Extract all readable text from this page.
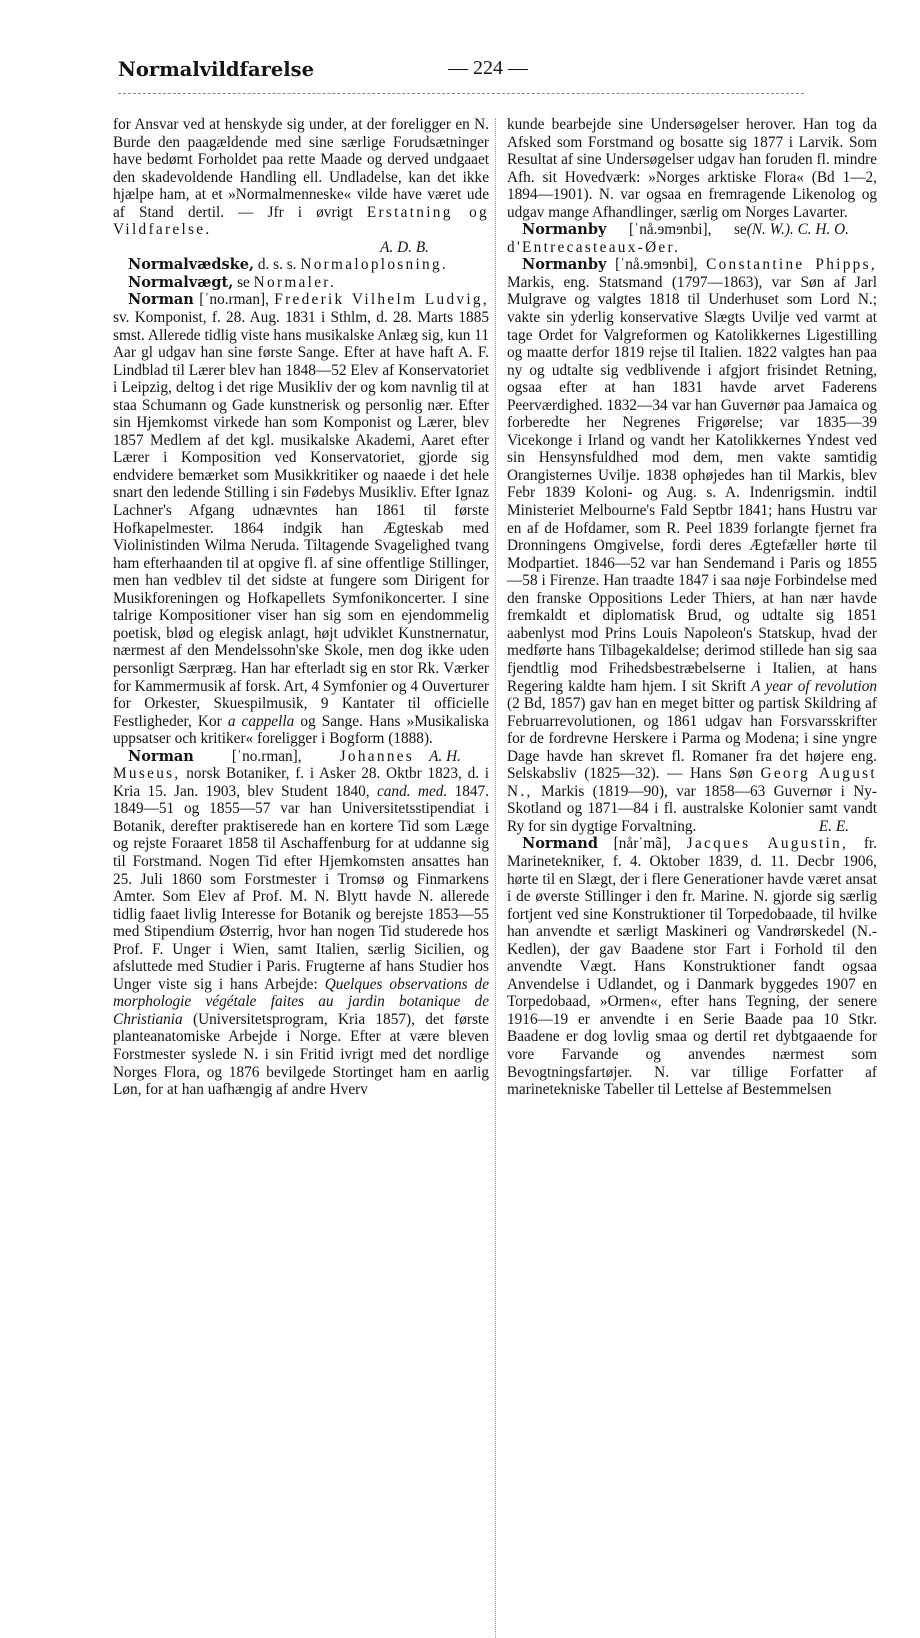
Normalvildfarelse	— 224 —

for Ansvar ved at henskyde sig under, at der foreligger en N. Burde den paagældende med sine særlige Forudsætninger have bedømt Forholdet paa rette Maade og derved undgaaet den skadevoldende Handling ell. Undladelse, kan det ikke hjælpe ham, at et »Normalmenneske« vilde have været ude af Stand dertil. — Jfr i øvrigt Erstatning og Vildfarelse.

A. D. B.

Normalvædske, d. s. s. Normaloplosning.

Normalvægt, se Normaler.

Norman [ˈno.rman], Frederik Vilhelm Ludvig, sv. Komponist, f. 28. Aug. 1831 i Sthlm, d. 28. Marts 1885 smst. Allerede tidlig viste hans musikalske Anlæg sig, kun 11 Aar gl udgav han sine første Sange. Efter at have haft A. F. Lindblad til Lærer blev han 1848—52 Elev af Konservatoriet i Leipzig, deltog i det rige Musikliv der og kom navnlig til at staa Schumann og Gade kunstnerisk og personlig nær. Efter sin Hjemkomst virkede han som Komponist og Lærer, blev 1857 Medlem af det kgl. musikalske Akademi, Aaret efter Lærer i Komposition ved Konservatoriet, gjorde sig endvidere bemærket som Musikkritiker og naaede i det hele snart den ledende Stilling i sin Fødebys Musikliv. Efter Ignaz Lachner's Afgang udnævntes han 1861 til første Hofkapelmester. 1864 indgik han Ægteskab med Violinistinden Wilma Neruda. Tiltagende Svagelighed tvang ham efterhaanden til at opgive fl. af sine offentlige Stillinger, men han vedblev til det sidste at fungere som Dirigent for Musikforeningen og Hofkapellets Symfonikoncerter. I sine talrige Kompositioner viser han sig som en ejendommelig poetisk, blød og elegisk anlagt, højt udviklet Kunstnernatur, nærmest af den Mendelssohn'ske Skole, men dog ikke uden personligt Særpræg. Han har efterladt sig en stor Rk. Værker for Kammermusik af forsk. Art, 4 Symfonier og 4 Ouverturer for Orkester, Skuespilmusik, 9 Kantater til officielle Festligheder, Kor a cappella og Sange. Hans »Musikaliska uppsatser och kritiker« foreligger i Bogform (1888).
A. H.

Norman [ˈno.rman], Johannes Museus, norsk Botaniker, f. i Asker 28. Oktbr 1823, d. i Kria 15. Jan. 1903, blev Student 1840, cand. med. 1847. 1849—51 og 1855—57 var han Universitetsstipendiat i Botanik, derefter praktiserede han en kortere Tid som Læge og rejste Foraaret 1858 til Aschaffenburg for at uddanne sig til Forstmand. Nogen Tid efter Hjemkomsten ansattes han 25. Juli 1860 som Forstmester i Tromsø og Finmarkens Amter. Som Elev af Prof. M. N. Blytt havde N. allerede tidlig faaet livlig Interesse for Botanik og berejste 1853—55 med Stipendium Østerrig, hvor han nogen Tid studerede hos Prof. F. Unger i Wien, samt Italien, særlig Sicilien, og afsluttede med Studier i Paris. Frugterne af hans Studier hos Unger viste sig i hans Arbejde: Quelques observations de morphologie végétale faites au jardin botanique de Christiania (Universitetsprogram, Kria 1857), det første planteanatomiske Arbejde i Norge. Efter at være bleven Forstmester syslede N. i sin Fritid ivrigt med det nordlige Norges Flora, og 1876 bevilgede Stortinget ham en aarlig Løn, for at han uafhængig af andre Hverv

kunde bearbejde sine Undersøgelser herover. Han tog da Afsked som Forstmand og bosatte sig 1877 i Larvik. Som Resultat af sine Undersøgelser udgav han foruden fl. mindre Afh. sit Hovedværk: »Norges arktiske Flora« (Bd 1—2, 1894—1901). N. var ogsaa en fremragende Likenolog og udgav mange Afhandlinger, særlig om Norges Lavarter.
(N. W.). C. H. O.

Normanby [ˈnå.ɘmɘnbi], se d'Entrecasteaux-Øer.

Normanby [ˈnå.ɘmɘnbi], Constantine Phipps, Markis, eng. Statsmand (1797—1863), var Søn af Jarl Mulgrave og valgtes 1818 til Underhuset som Lord N.; vakte sin yderlig konservative Slægts Uvilje ved varmt at tage Ordet for Valgreformen og Katolikkernes Ligestilling og maatte derfor 1819 rejse til Italien. 1822 valgtes han paa ny og udtalte sig vedblivende i afgjort frisindet Retning, ogsaa efter at han 1831 havde arvet Faderens Peerværdighed. 1832—34 var han Guvernør paa Jamaica og forberedte her Negrenes Frigørelse; var 1835—39 Vicekonge i Irland og vandt her Katolikkernes Yndest ved sin Hensynsfuldhed mod dem, men vakte samtidig Orangisternes Uvilje. 1838 ophøjedes han til Markis, blev Febr 1839 Koloni- og Aug. s. A. Indenrigsmin. indtil Ministeriet Melbourne's Fald Septbr 1841; hans Hustru var en af de Hofdamer, som R. Peel 1839 forlangte fjernet fra Dronningens Omgivelse, fordi deres Ægtefæller hørte til Modpartiet. 1846—52 var han Sendemand i Paris og 1855—58 i Firenze. Han traadte 1847 i saa nøje Forbindelse med den franske Oppositions Leder Thiers, at han nær havde fremkaldt et diplomatisk Brud, og udtalte sig 1851 aabenlyst mod Prins Louis Napoleon's Statskup, hvad der medførte hans Tilbagekaldelse; derimod stillede han sig saa fjendtlig mod Frihedsbestræbelserne i Italien, at hans Regering kaldte ham hjem. I sit Skrift A year of revolution (2 Bd, 1857) gav han en meget bitter og partisk Skildring af Februarrevolutionen, og 1861 udgav han Forsvarsskrifter for de fordrevne Herskere i Parma og Modena; i sine yngre Dage havde han skrevet fl. Romaner fra det højere eng. Selskabsliv (1825—32). — Hans Søn Georg August N., Markis (1819—90), var 1858—63 Guvernør i Ny-Skotland og 1871—84 i fl. australske Kolonier samt vandt Ry for sin dygtige Forvaltning.	E. E.

Normand [nårˈmã], Jacques Augustin, fr. Marinetekniker, f. 4. Oktober 1839, d. 11. Decbr 1906, hørte til en Slægt, der i flere Generationer havde været ansat i de øverste Stillinger i den fr. Marine. N. gjorde sig særlig fortjent ved sine Konstruktioner til Torpedobaade, til hvilke han anvendte et særligt Maskineri og Vandrørskedel (N.-Kedlen), der gav Baadene stor Fart i Forhold til den anvendte Vægt. Hans Konstruktioner fandt ogsaa Anvendelse i Udlandet, og i Danmark byggedes 1907 en Torpedobaad, »Ormen«, efter hans Tegning, der senere 1916—19 er anvendte i en Serie Baade paa 10 Stkr. Baadene er dog lovlig smaa og dertil ret dybtgaaende for vore Farvande og anvendes nærmest som Bevogtningsfartøjer. N. var tillige Forfatter af marinetekniske Tabeller til Lettelse af Bestemmelsen
